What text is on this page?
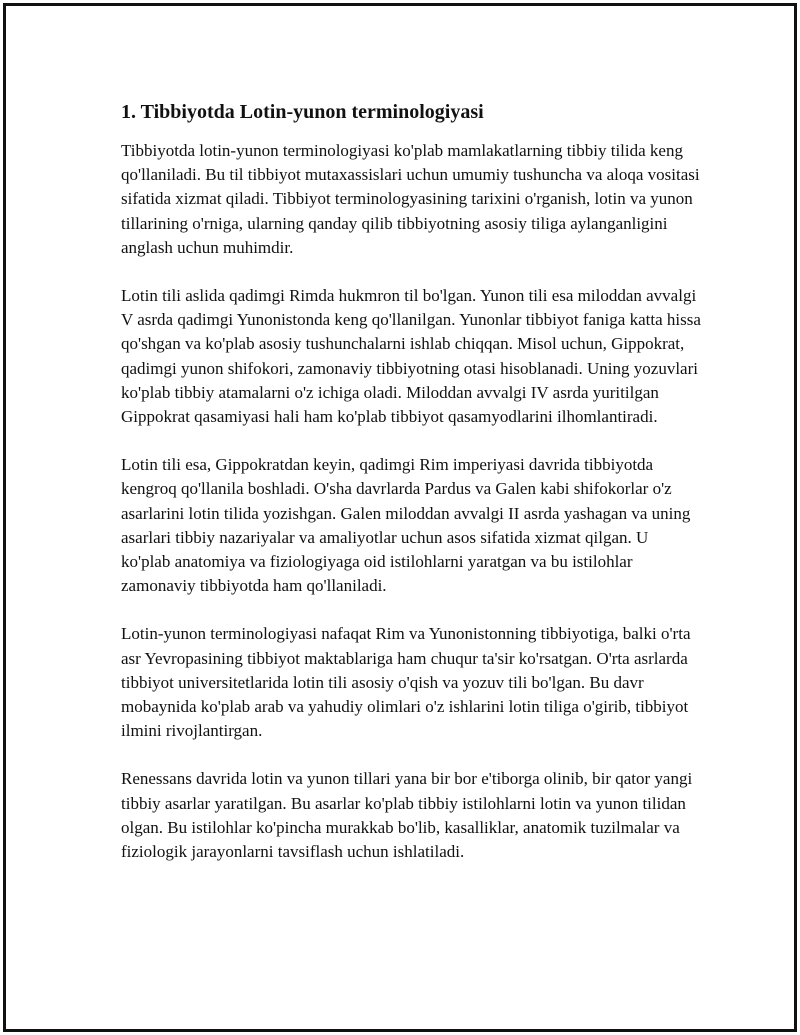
1. Tibbiyotda Lotin-yunon terminologiyasi

Tibbiyotda lotin-yunon terminologiyasi ko'plab mamlakatlarning tibbiy tilida keng qo'llaniladi. Bu til tibbiyot mutaxassislari uchun umumiy tushuncha va aloqa vositasi sifatida xizmat qiladi. Tibbiyot terminologyasining tarixini o'rganish, lotin va yunon tillarining o'rniga, ularning qanday qilib tibbiyotning asosiy tiliga aylanganligini anglash uchun muhimdir.

Lotin tili aslida qadimgi Rimda hukmron til bo'lgan. Yunon tili esa miloddan avvalgi V asrda qadimgi Yunonistonda keng qo'llanilgan. Yunonlar tibbiyot faniga katta hissa qo'shgan va ko'plab asosiy tushunchalarni ishlab chiqqan. Misol uchun, Gippokrat, qadimgi yunon shifokori, zamonaviy tibbiyotning otasi hisoblanadi. Uning yozuvlari ko'plab tibbiy atamalarni o'z ichiga oladi. Miloddan avvalgi IV asrda yuritilgan Gippokrat qasamiyasi hali ham ko'plab tibbiyot qasamyodlarini ilhomlantiradi.

Lotin tili esa, Gippokratdan keyin, qadimgi Rim imperiyasi davrida tibbiyotda kengroq qo'llanila boshladi. O'sha davrlarda Pardus va Galen kabi shifokorlar o'z asarlarini lotin tilida yozishgan. Galen miloddan avvalgi II asrda yashagan va uning asarlari tibbiy nazariyalar va amaliyotlar uchun asos sifatida xizmat qilgan. U ko'plab anatomiya va fiziologiyaga oid istilohlarni yaratgan va bu istilohlar zamonaviy tibbiyotda ham qo'llaniladi.

Lotin-yunon terminologiyasi nafaqat Rim va Yunonistonning tibbiyotiga, balki o'rta asr Yevropasining tibbiyot maktablariga ham chuqur ta'sir ko'rsatgan. O'rta asrlarda tibbiyot universitetlarida lotin tili asosiy o'qish va yozuv tili bo'lgan. Bu davr mobaynida ko'plab arab va yahudiy olimlari o'z ishlarini lotin tiliga o'girib, tibbiyot ilmini rivojlantirgan.

Renessans davrida lotin va yunon tillari yana bir bor e'tiborga olinib, bir qator yangi tibbiy asarlar yaratilgan. Bu asarlar ko'plab tibbiy istilohlarni lotin va yunon tilidan olgan. Bu istilohlar ko'pincha murakkab bo'lib, kasalliklar, anatomik tuzilmalar va fiziologik jarayonlarni tavsiflash uchun ishlatiladi.
